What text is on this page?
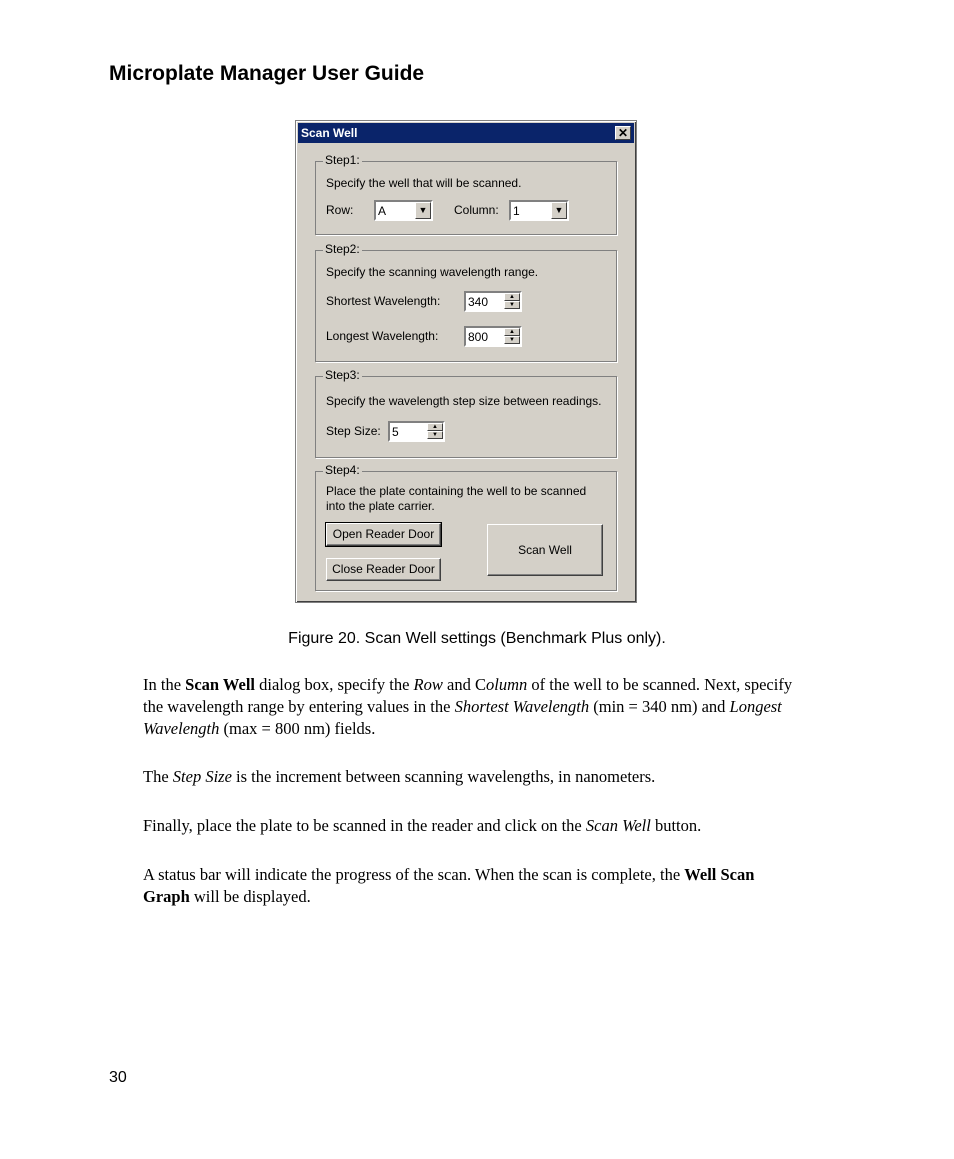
Microplate Manager User Guide
Scan Well	✕
Step1:
Specify the well that will be scanned.
Row: A	▼ Column: 1	▼
Step2:
Specify the scanning wavelength range.
Shortest Wavelength: 340	▲
▼
Longest Wavelength: 800	▲
▼
Step3:
Specify the wavelength step size between readings.
Step Size: 5	▲
▼
Step4:
Place the plate containing the well to be scanned
into the plate carrier.
Open Reader Door
Close Reader Door
Scan Well
Figure 20. Scan Well settings (Benchmark Plus only).
In the Scan Well dialog box, specify the Row and Column of the well to be scanned. Next, specify the wavelength range by entering values in the Shortest Wavelength (min = 340 nm) and Longest Wavelength (max = 800 nm) fields.
The Step Size is the increment between scanning wavelengths, in nanometers.
Finally, place the plate to be scanned in the reader and click on the Scan Well button.
A status bar will indicate the progress of the scan. When the scan is complete, the Well Scan Graph will be displayed.
30
